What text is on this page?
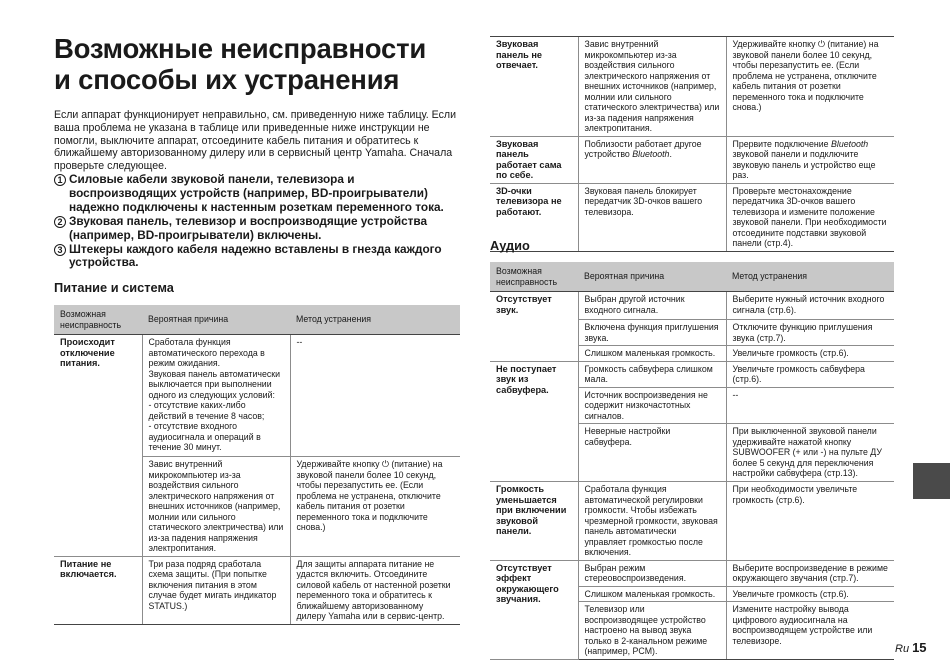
Возможные неисправности
и способы их устранения
Если аппарат функционирует неправильно, см. приведенную ниже таблицу. Если ваша проблема не указана в таблице или приведенные ниже инструкции не помогли, выключите аппарат, отсоедините кабель питания и обратитесь к ближайшему авторизованному дилеру или в сервисный центр Yamaha. Сначала проверьте следующее.
1 Силовые кабели звуковой панели, телевизора и воспроизводящих устройств (например, BD-проигрыватели) надежно подключены к настенным розеткам переменного тока.
2 Звуковая панель, телевизор и воспроизводящие устройства (например, BD-проигрыватели) включены.
3 Штекеры каждого кабеля надежно вставлены в гнезда каждого устройства.
Питание и система
Возможная неисправность	Вероятная причина	Метод устранения
Происходит отключение питания.	Сработала функция автоматического перехода в режим ожидания.
Звуковая панель автоматически выключается при выполнении одного из следующих условий:
- отсутствие каких-либо действий в течение 8 часов;
- отсутствие входного аудиосигнала и операций в течение 30 минут.	--
	Завис внутренний микрокомпьютер из-за воздействия сильного электрического напряжения от внешних источников (например, молнии или сильного статического электричества) или из-за падения напряжения электропитания.	Удерживайте кнопку ⏻ (питание) на звуковой панели более 10 секунд, чтобы перезапустить ее. (Если проблема не устранена, отключите кабель питания от розетки переменного тока и подключите снова.)
Питание не включается.	Три раза подряд сработала схема защиты. (При попытке включения питания в этом случае будет мигать индикатор STATUS.)	Для защиты аппарата питание не удастся включить. Отсоедините силовой кабель от настенной розетки переменного тока и обратитесь к ближайшему авторизованному дилеру Yamaha или в сервис-центр.
Звуковая панель не отвечает.	Завис внутренний микрокомпьютер из-за воздействия сильного электрического напряжения от внешних источников (например, молнии или сильного статического электричества) или из-за падения напряжения электропитания.	Удерживайте кнопку ⏻ (питание) на звуковой панели более 10 секунд, чтобы перезапустить ее. (Если проблема не устранена, отключите кабель питания от розетки переменного тока и подключите снова.)
Звуковая панель работает сама по себе.	Поблизости работает другое устройство Bluetooth.	Прервите подключение Bluetooth звуковой панели и подключите звуковую панель и устройство еще раз.
3D-очки телевизора не работают.	Звуковая панель блокирует передатчик 3D-очков вашего телевизора.	Проверьте местонахождение передатчика 3D-очков вашего телевизора и измените положение звуковой панели. При необходимости отсоедините подставки звуковой панели (стр.4).
Аудио
Возможная неисправность	Вероятная причина	Метод устранения
Отсутствует звук.	Выбран другой источник входного сигнала.	Выберите нужный источник входного сигнала (стр.6).
	Включена функция приглушения звука.	Отключите функцию приглушения звука (стр.7).
	Слишком маленькая громкость.	Увеличьте громкость (стр.6).
Не поступает звук из сабвуфера.	Громкость сабвуфера слишком мала.	Увеличьте громкость сабвуфера (стр.6).
	Источник воспроизведения не содержит низкочастотных сигналов.	--
	Неверные настройки сабвуфера.	При выключенной звуковой панели удерживайте нажатой кнопку SUBWOOFER (+ или -) на пульте ДУ более 5 секунд для переключения настройки сабвуфера (стр.13).
Громкость уменьшается при включении звуковой панели.	Сработала функция автоматической регулировки громкости. Чтобы избежать чрезмерной громкости, звуковая панель автоматически управляет громкостью после включения.	При необходимости увеличьте громкость (стр.6).
Отсутствует эффект окружающего звучания.	Выбран режим стереовоспроизведения.	Выберите воспроизведение в режиме окружающего звучания (стр.7).
	Слишком маленькая громкость.	Увеличьте громкость (стр.6).
	Телевизор или воспроизводящее устройство настроено на вывод звука только в 2-канальном режиме (например, PCM).	Измените настройку вывода цифрового аудиосигнала на воспроизводящем устройстве или телевизоре.
Ru 15
